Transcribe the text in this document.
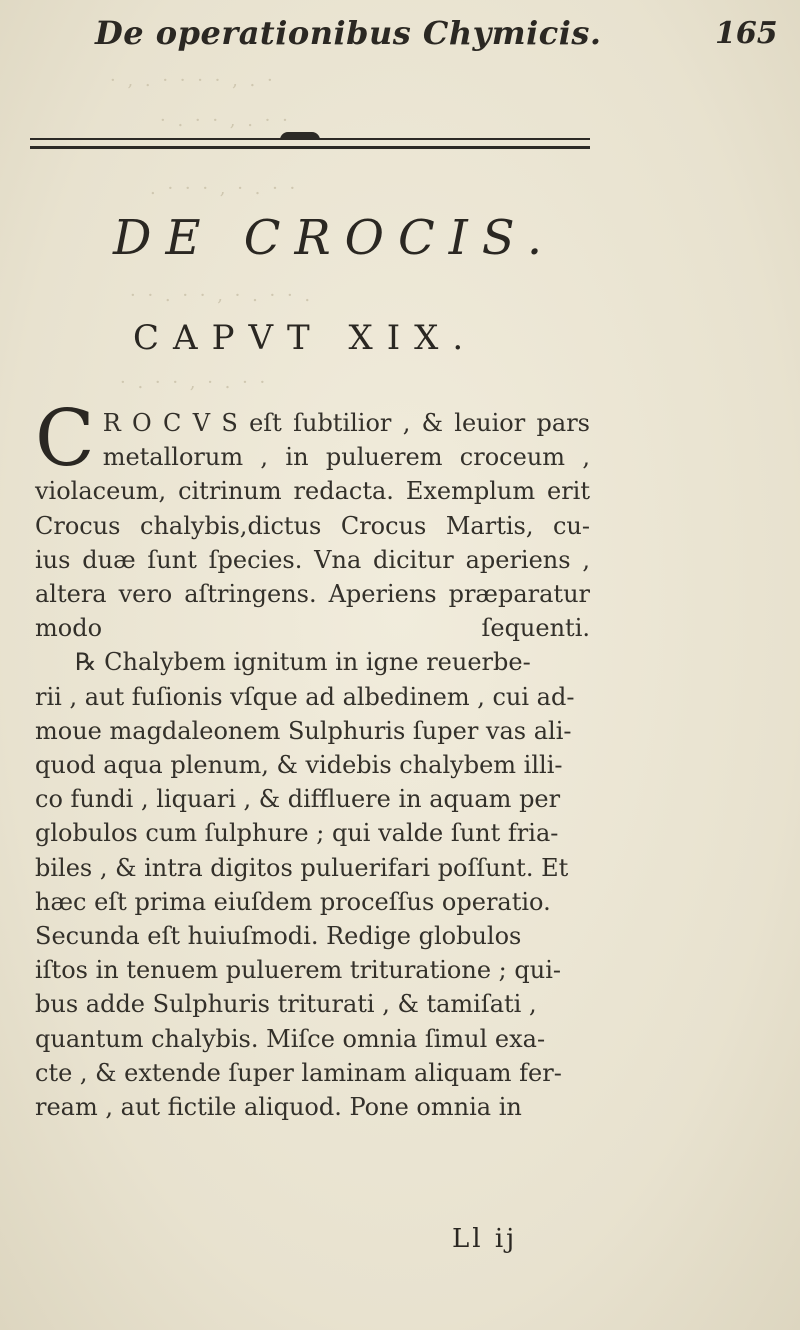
· , . · · · · , . ·
· . · · , . · ·
. · · · , · . · ·
· · . · · , · . · · .
· . · · , · . · ·
De operationibus Chymicis.	165
DE CROCIS.
CAPVT XIX.
C R O C V S eſt ſubtilior , & leuior pars
metallorum , in puluerem croceum ,
violaceum, citrinum redacta. Exemplum erit
Crocus chalybis,dictus Crocus Martis, cu-
ius duæ ſunt ſpecies. Vna dicitur aperiens ,
altera vero aſtringens. Aperiens præparatur
modo ſequenti.
℞ Chalybem ignitum in igne reuerbe-
rii , aut fuſionis vſque ad albedinem , cui ad-
moue magdaleonem Sulphuris ſuper vas ali-
quod aqua plenum, & videbis chalybem illi-
co fundi , liquari , & diffluere in aquam per
globulos cum ſulphure ; qui valde ſunt fria-
biles , & intra digitos puluerifari poſſunt. Et
hæc eſt prima eiuſdem proceſſus operatio.
Secunda eſt huiuſmodi. Redige globulos
iſtos in tenuem puluerem trituratione ; qui-
bus adde Sulphuris triturati , & tamiſati ,
quantum chalybis. Miſce omnia ſimul exa-
cte , & extende ſuper laminam aliquam fer-
ream , aut fictile aliquod. Pone omnia in
Ll ij
